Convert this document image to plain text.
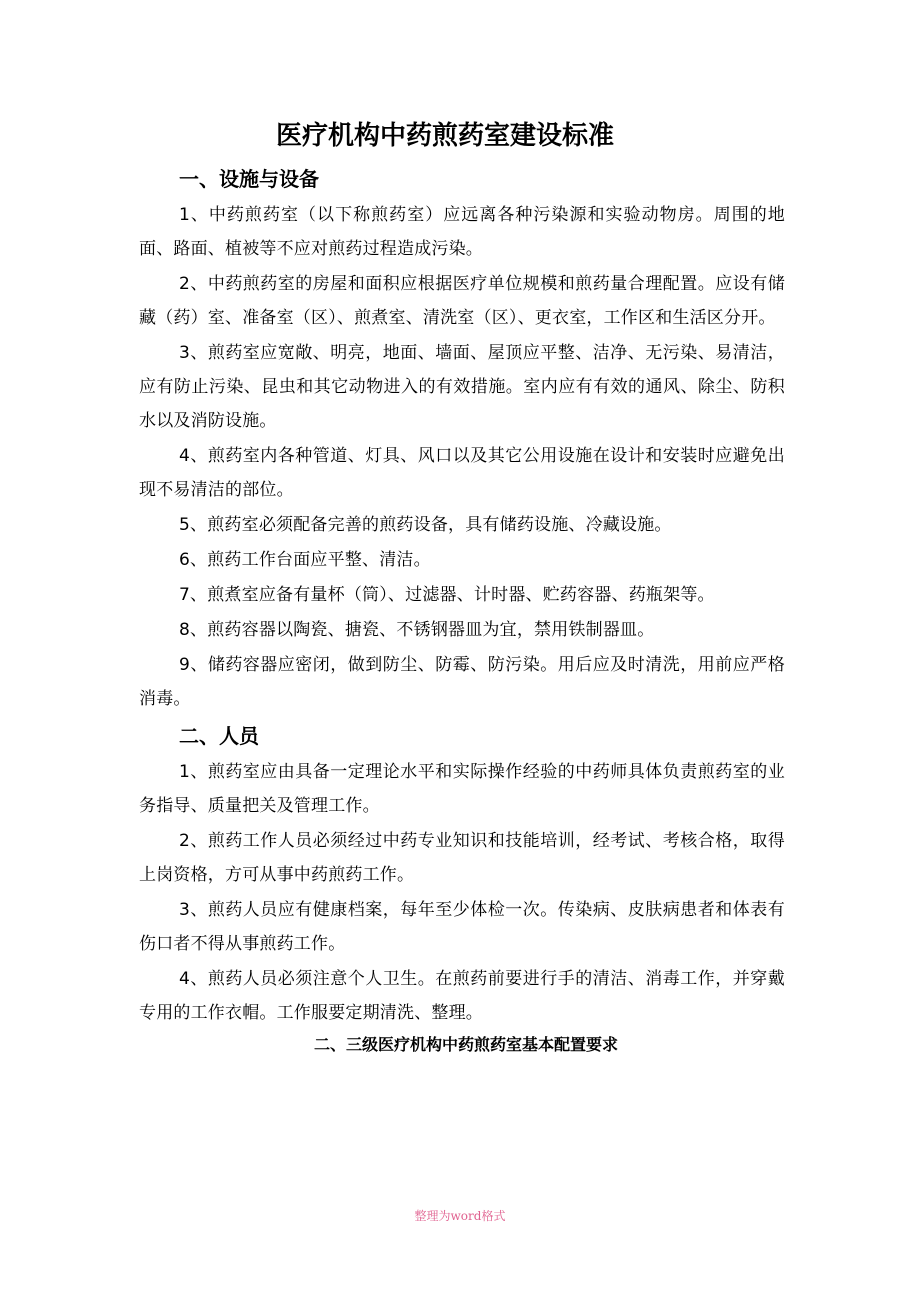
医疗机构中药煎药室建设标准
一、设施与设备

1、中药煎药室（以下称煎药室）应远离各种污染源和实验动物房。周围的地面、路面、植被等不应对煎药过程造成污染。

2、中药煎药室的房屋和面积应根据医疗单位规模和煎药量合理配置。应设有储藏（药）室、准备室（区）、煎煮室、清洗室（区）、更衣室，工作区和生活区分开。

3、煎药室应宽敞、明亮，地面、墙面、屋顶应平整、洁净、无污染、易清洁，应有防止污染、昆虫和其它动物进入的有效措施。室内应有有效的通风、除尘、防积水以及消防设施。

4、煎药室内各种管道、灯具、风口以及其它公用设施在设计和安装时应避免出现不易清洁的部位。

5、煎药室必须配备完善的煎药设备，具有储药设施、冷藏设施。

6、煎药工作台面应平整、清洁。

7、煎煮室应备有量杯（筒）、过滤器、计时器、贮药容器、药瓶架等。

8、煎药容器以陶瓷、搪瓷、不锈钢器皿为宜，禁用铁制器皿。

9、储药容器应密闭，做到防尘、防霉、防污染。用后应及时清洗，用前应严格消毒。

二、人员

1、煎药室应由具备一定理论水平和实际操作经验的中药师具体负责煎药室的业务指导、质量把关及管理工作。

2、煎药工作人员必须经过中药专业知识和技能培训，经考试、考核合格，取得上岗资格，方可从事中药煎药工作。

3、煎药人员应有健康档案，每年至少体检一次。传染病、皮肤病患者和体表有伤口者不得从事煎药工作。

4、煎药人员必须注意个人卫生。在煎药前要进行手的清洁、消毒工作，并穿戴专用的工作衣帽。工作服要定期清洗、整理。

二、三级医疗机构中药煎药室基本配置要求
整理为word格式
